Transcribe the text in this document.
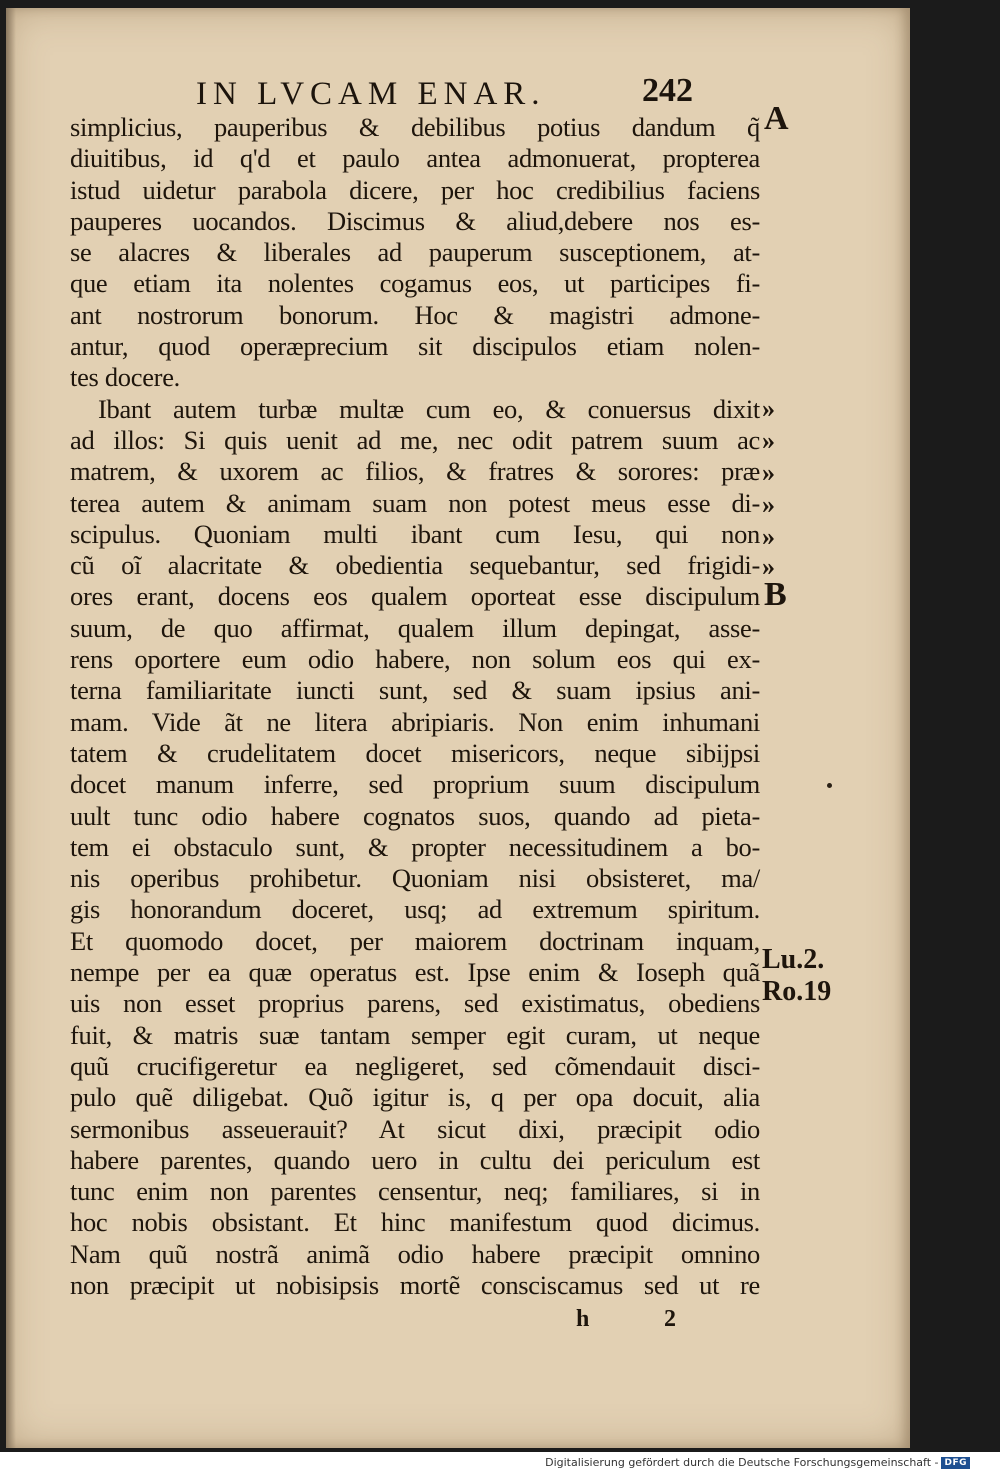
IN LVCAM ENAR.	242
simplicius, pauperibus & debilibus potius dandum q̃
diuitibus, id q'd et paulo antea admonuerat, propterea
istud uidetur parabola dicere, per hoc credibilius faciens
pauperes uocandos. Discimus & aliud,debere nos es-
se alacres & liberales ad pauperum susceptionem, at-
que etiam ita nolentes cogamus eos, ut participes fi-
ant nostrorum bonorum. Hoc & magistri admone-
antur, quod operæprecium sit discipulos etiam nolen-
tes docere.
Ibant autem turbæ multæ cum eo, & conuersus dixit
ad illos: Si quis uenit ad me, nec odit patrem suum ac
matrem, & uxorem ac filios, & fratres & sorores: præ
terea autem & animam suam non potest meus esse di-
scipulus. Quoniam multi ibant cum Iesu, qui non
cũ oĩ alacritate & obedientia sequebantur, sed frigidi-
ores erant, docens eos qualem oporteat esse discipulum
suum, de quo affirmat, qualem illum depingat, asse-
rens oportere eum odio habere, non solum eos qui ex-
terna familiaritate iuncti sunt, sed & suam ipsius ani-
mam. Vide ãt ne litera abripiaris. Non enim inhumani
tatem & crudelitatem docet misericors, neque sibijpsi
docet manum inferre, sed proprium suum discipulum
uult tunc odio habere cognatos suos, quando ad pieta-
tem ei obstaculo sunt, & propter necessitudinem a bo-
nis operibus prohibetur. Quoniam nisi obsisteret, ma/
gis honorandum doceret, usq; ad extremum spiritum.
Et quomodo docet, per maiorem doctrinam inquam,
nempe per ea quæ operatus est. Ipse enim & Ioseph quã
uis non esset proprius parens, sed existimatus, obediens
fuit, & matris suæ tantam semper egit curam, ut neque
quũ crucifigeretur ea negligeret, sed cõmendauit disci-
pulo quẽ diligebat. Quõ igitur is, q per opa docuit, alia
sermonibus asseuerauit? At sicut dixi, præcipit odio
habere parentes, quando uero in cultu dei periculum est
tunc enim non parentes censentur, neq; familiares, si in
hoc nobis obsistant. Et hinc manifestum quod dicimus.
Nam quũ nostrã animã odio habere præcipit omnino
non præcipit ut nobisipsis mortẽ consciscamus sed ut re
A
B
»
»
»
»
»
»
Lu.2.
Ro.19
h	2
Digitalisierung gefördert durch die Deutsche Forschungsgemeinschaft - DFG
